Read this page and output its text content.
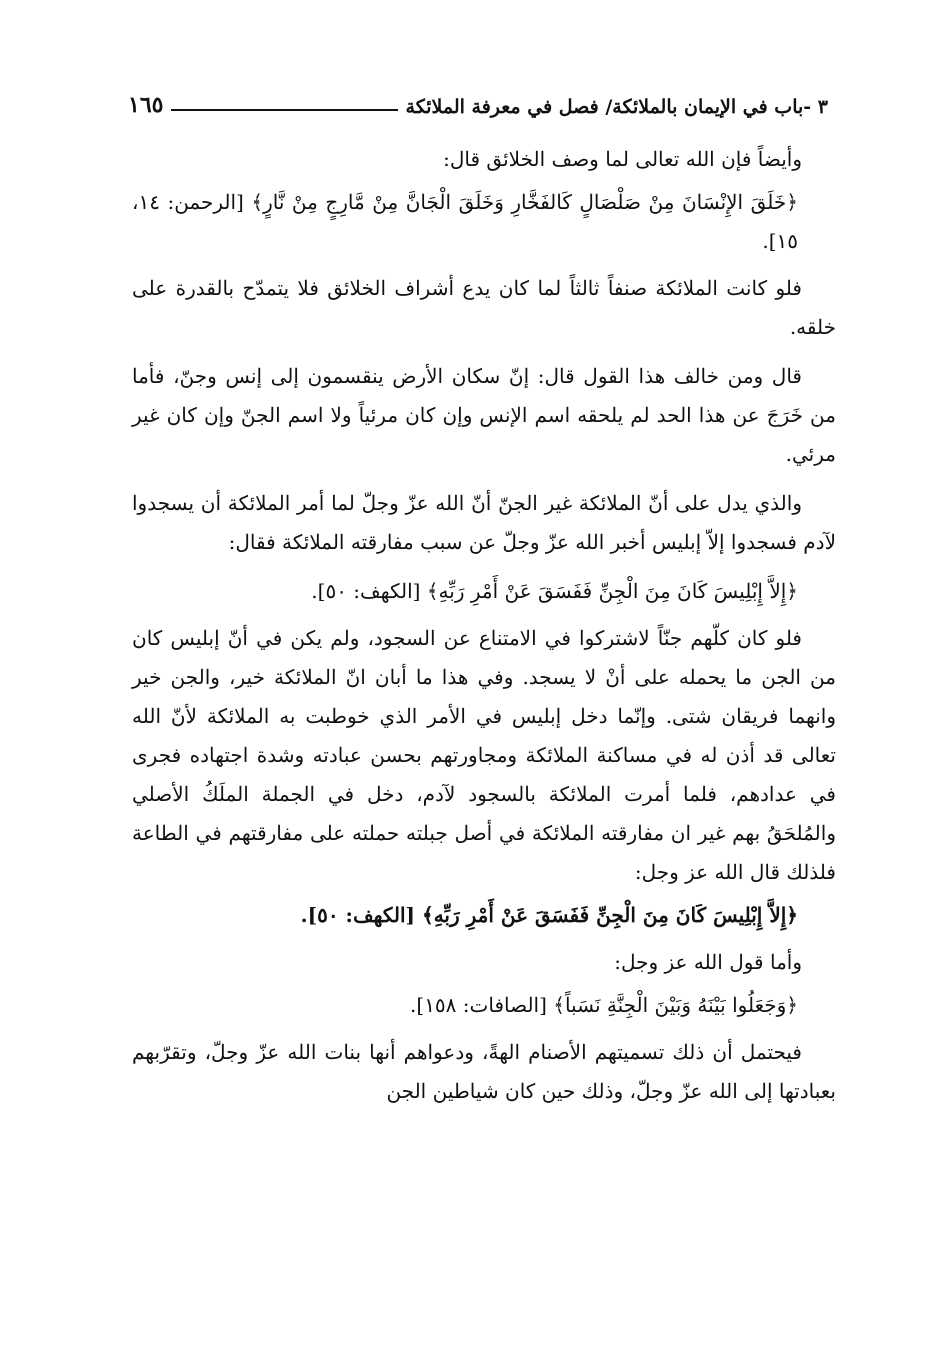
٣ -باب في الإيمان بالملائكة/ فصل في معرفة الملائكة
١٦٥

وأيضاً فإن الله تعالى لما وصف الخلائق قال:

﴿خَلَقَ الإِنْسَانَ مِنْ صَلْصَالٍ كَالفَخَّارِ وَخَلَقَ الْجَانَّ مِنْ مَّارِجٍ مِنْ نَّارٍ﴾ [الرحمن: ١٤، ١٥].

فلو كانت الملائكة صنفاً ثالثاً لما كان يدع أشراف الخلائق فلا يتمدّح بالقدرة على خلقه.

قال ومن خالف هذا القول قال: إنّ سكان الأرض ينقسمون إلى إنس وجنّ، فأما من خَرَجَ عن هذا الحد لم يلحقه اسم الإنس وإن كان مرئياً ولا اسم الجنّ وإن كان غير مرئي.

والذي يدل على أنّ الملائكة غير الجنّ أنّ الله عزّ وجلّ لما أمر الملائكة أن يسجدوا لآدم فسجدوا إلاّ إبليس أخبر الله عزّ وجلّ عن سبب مفارقته الملائكة فقال:

﴿إِلاَّ إِبْلِيسَ كَانَ مِنَ الْجِنِّ فَفَسَقَ عَنْ أَمْرِ رَبِّهِ﴾ [الكهف: ٥٠].

فلو كان كلّهم جنّاً لاشتركوا في الامتناع عن السجود، ولم يكن في أنّ إبليس كان من الجن ما يحمله على أنْ لا يسجد. وفي هذا ما أبان انّ الملائكة خير، والجن خير وانهما فريقان شتى. وإنّما دخل إبليس في الأمر الذي خوطبت به الملائكة لأنّ الله تعالى قد أذن له في مساكنة الملائكة ومجاورتهم بحسن عبادته وشدة اجتهاده فجرى في عدادهم، فلما أمرت الملائكة بالسجود لآدم، دخل في الجملة الملَكُ الأصلي والمُلحَقُ بهم غير ان مفارقته الملائكة في أصل جبلته حملته على مفارقتهم في الطاعة فلذلك قال الله عز وجل:

﴿إِلاَّ إِبْلِيسَ كَانَ مِنَ الْجِنِّ فَفَسَقَ عَنْ أَمْرِ رَبِّهِ﴾ [الكهف: ٥٠].

وأما قول الله عز وجل:

﴿وَجَعَلُوا بَيْنَهُ وَبَيْنَ الْجِنَّةِ نَسَباً﴾ [الصافات: ١٥٨].

فيحتمل أن ذلك تسميتهم الأصنام الهةً، ودعواهم أنها بنات الله عزّ وجلّ، وتقرّبهم بعبادتها إلى الله عزّ وجلّ، وذلك حين كان شياطين الجن
